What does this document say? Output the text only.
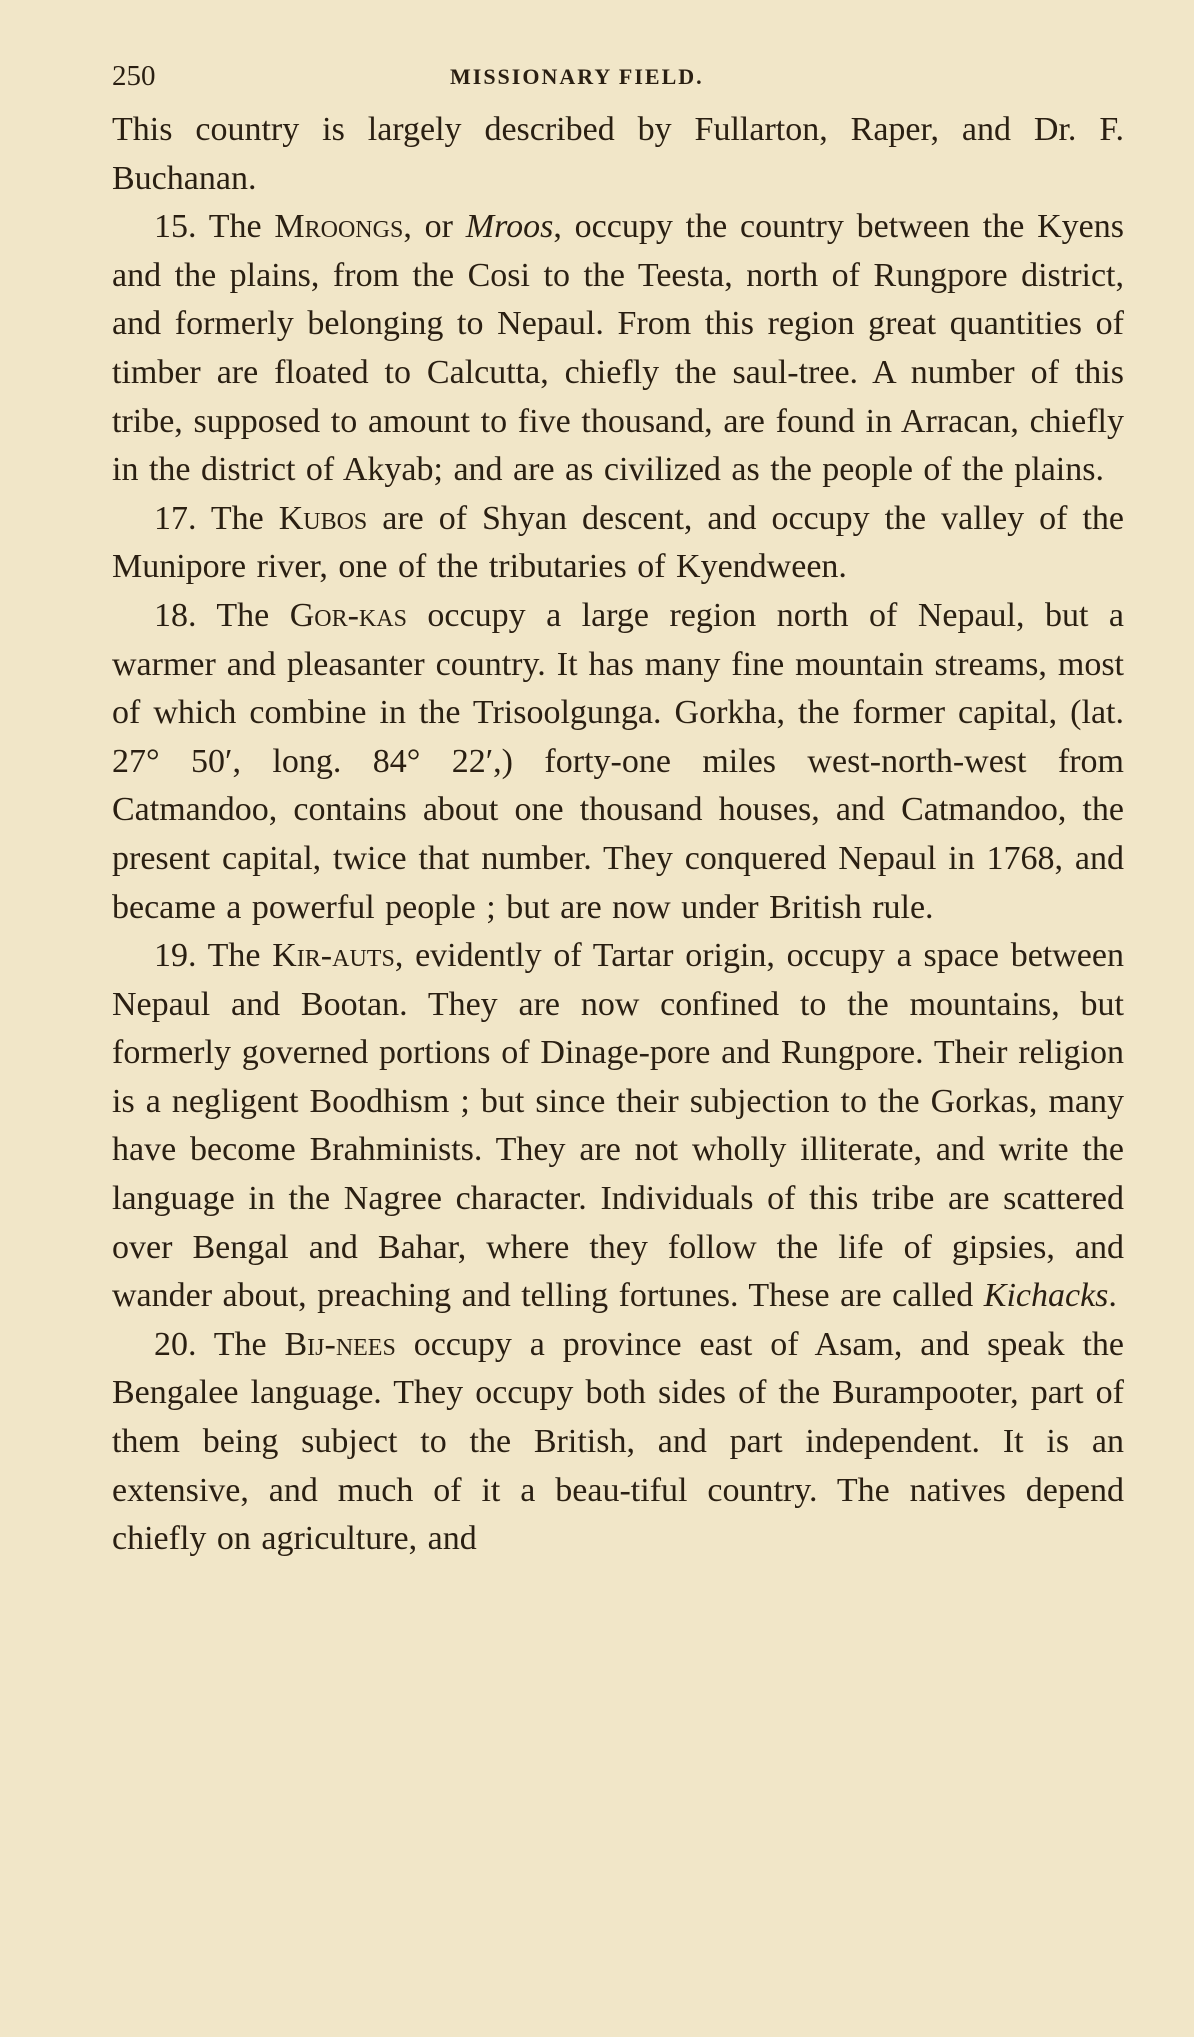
250	MISSIONARY FIELD.

This country is largely described by Fullarton, Raper, and Dr. F. Buchanan.

15. The Mroongs, or Mroos, occupy the country between the Kyens and the plains, from the Cosi to the Teesta, north of Rungpore district, and formerly belonging to Nepaul. From this region great quantities of timber are floated to Calcutta, chiefly the saul-tree. A number of this tribe, supposed to amount to five thousand, are found in Arracan, chiefly in the district of Akyab; and are as civilized as the people of the plains.

17. The Kubos are of Shyan descent, and occupy the valley of the Munipore river, one of the tributaries of Kyendween.

18. The Gor-kas occupy a large region north of Nepaul, but a warmer and pleasanter country. It has many fine mountain streams, most of which combine in the Trisoolgunga. Gorkha, the former capital, (lat. 27° 50′, long. 84° 22′,) forty-one miles west-north-west from Catmandoo, contains about one thousand houses, and Catmandoo, the present capital, twice that number. They conquered Nepaul in 1768, and became a powerful people ; but are now under British rule.

19. The Kir-auts, evidently of Tartar origin, occupy a space between Nepaul and Bootan. They are now confined to the mountains, but formerly governed portions of Dinage-pore and Rungpore. Their religion is a negligent Boodhism ; but since their subjection to the Gorkas, many have become Brahminists. They are not wholly illiterate, and write the language in the Nagree character. Individuals of this tribe are scattered over Bengal and Bahar, where they follow the life of gipsies, and wander about, preaching and telling fortunes. These are called Kichacks.

20. The Bij-nees occupy a province east of Asam, and speak the Bengalee language. They occupy both sides of the Burampooter, part of them being subject to the British, and part independent. It is an extensive, and much of it a beau-tiful country. The natives depend chiefly on agriculture, and
